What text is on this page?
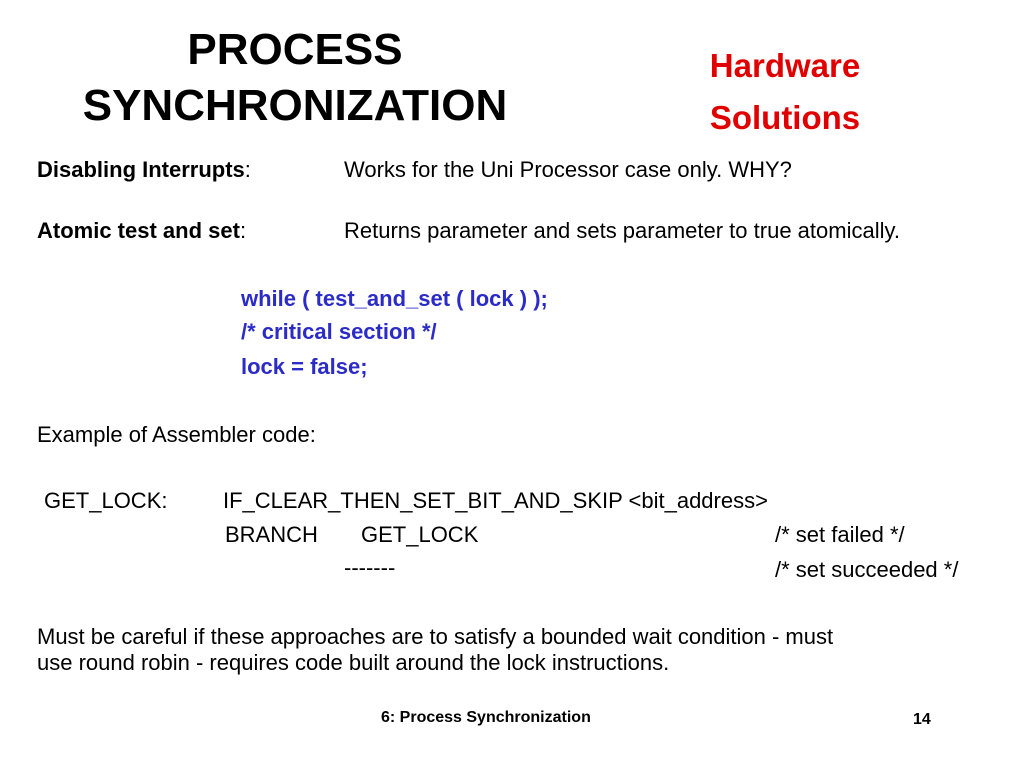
PROCESS
SYNCHRONIZATION
Hardware
Solutions
Disabling Interrupts:	Works for the Uni Processor case only. WHY?
Atomic test and set:	Returns parameter and sets parameter to true atomically.
while ( test_and_set ( lock ) );
/* critical section */
lock = false;
Example of Assembler code:
GET_LOCK:	IF_CLEAR_THEN_SET_BIT_AND_SKIP <bit_address>
BRANCH GET_LOCK	/* set failed */
-------	/* set succeeded */
Must be careful if these approaches are to satisfy a bounded wait condition - must
use round robin - requires code built around the lock instructions.
6: Process Synchronization	14
